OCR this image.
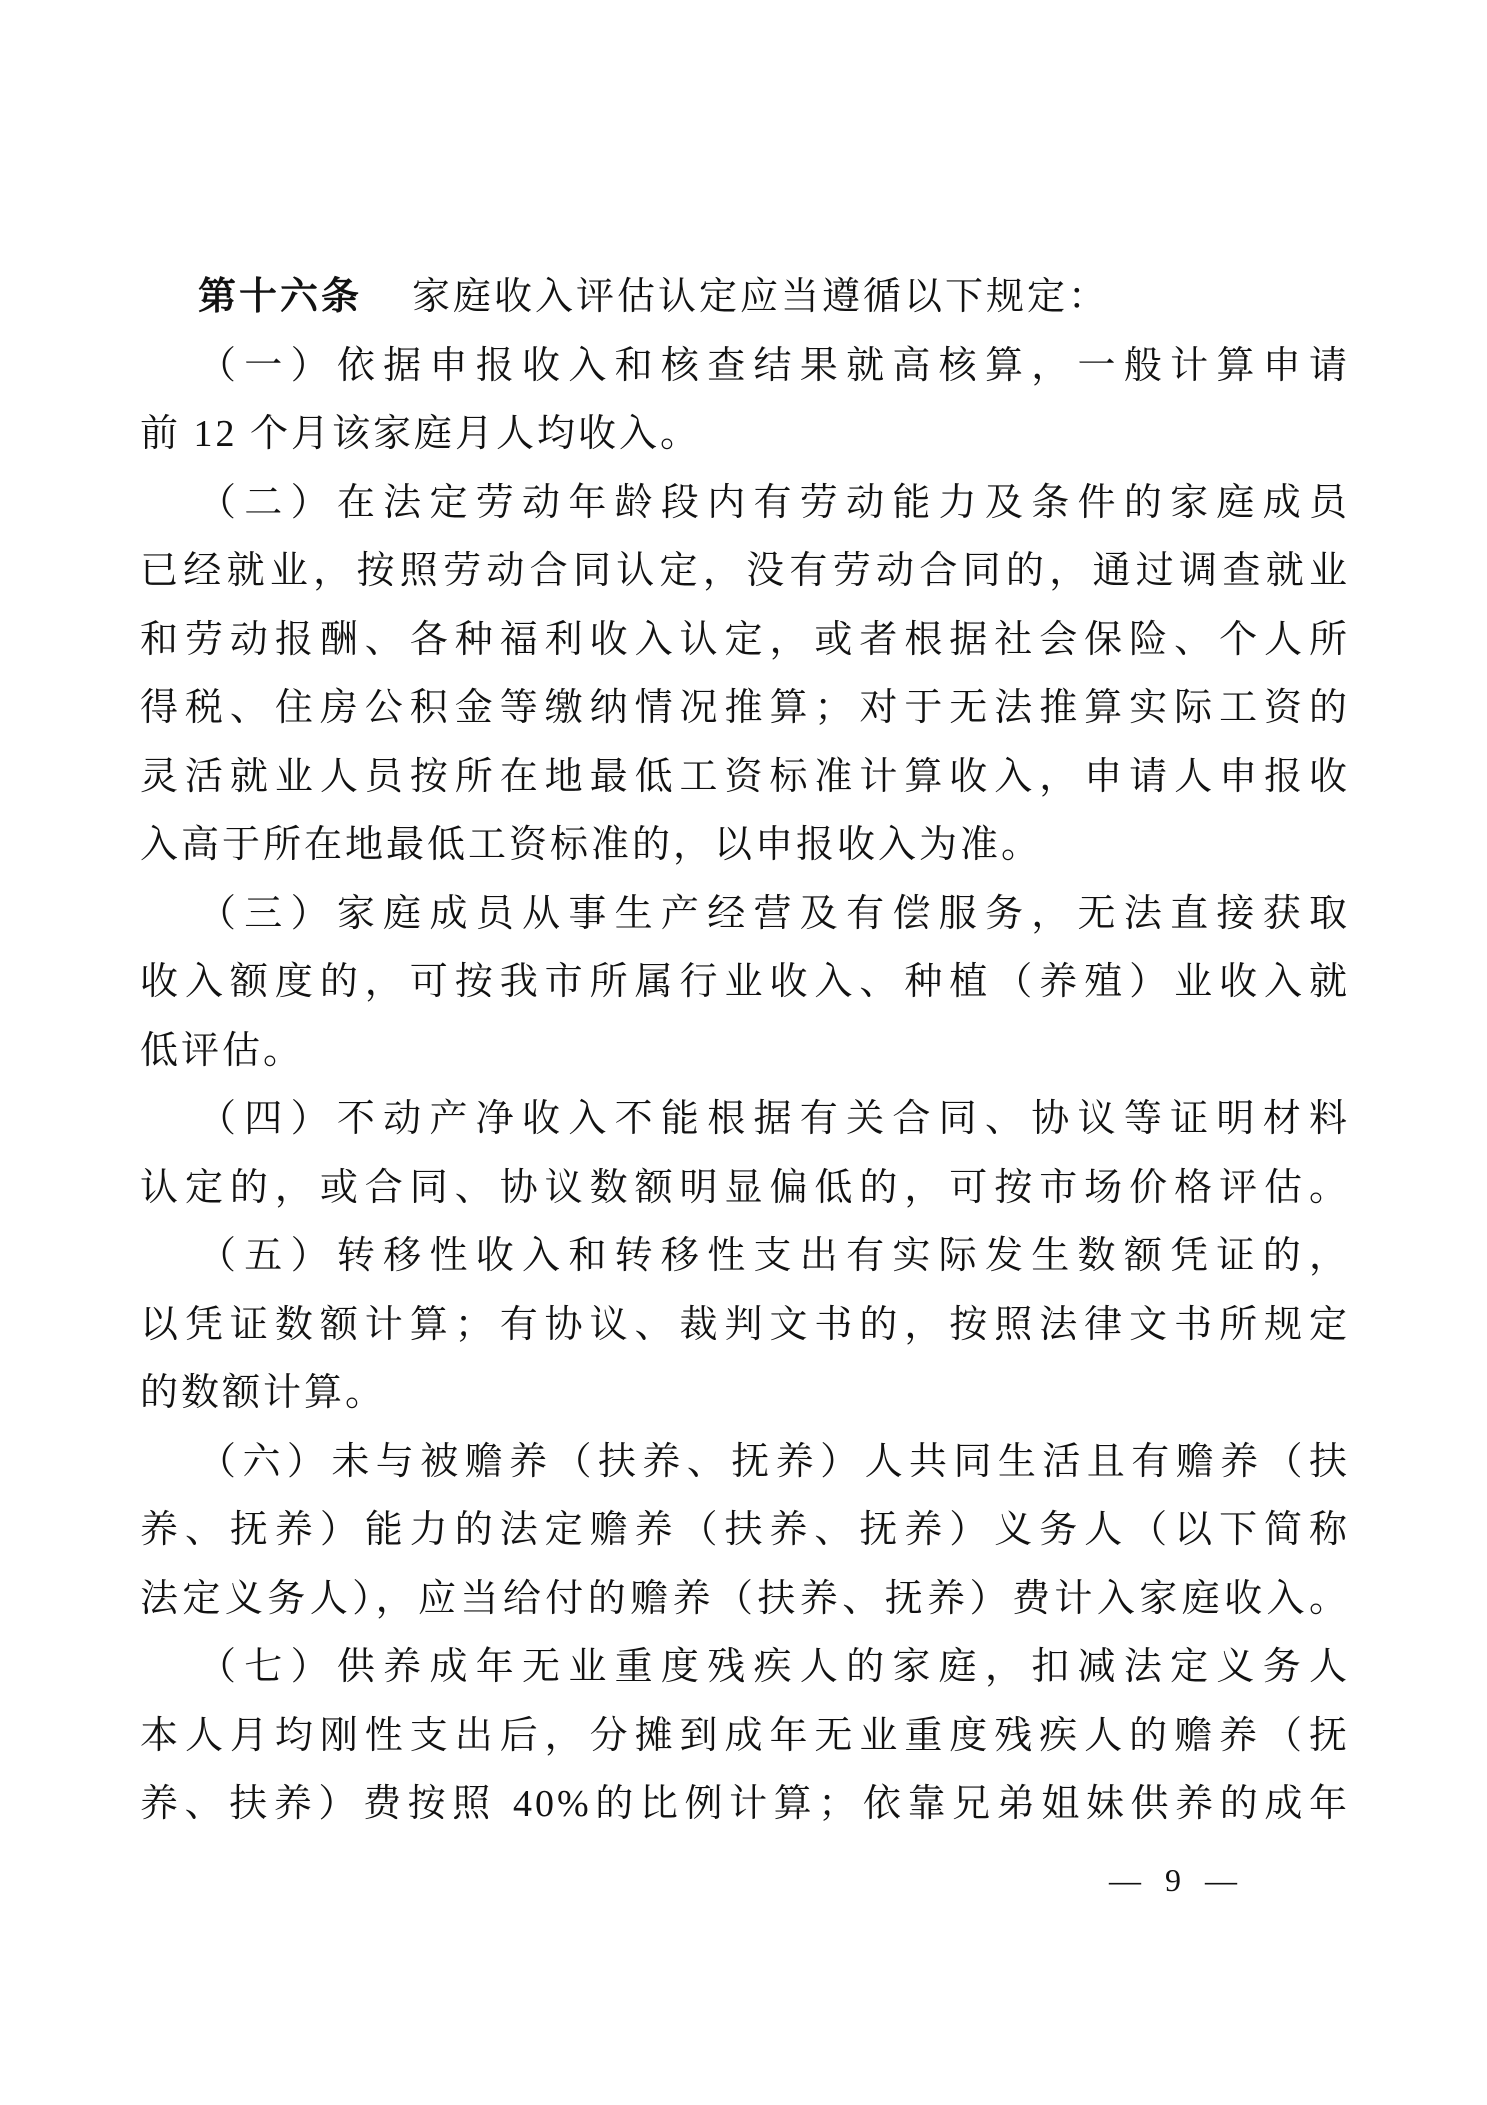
第十六条 家庭收入评估认定应当遵循以下规定：
（一）依据申报收入和核查结果就高核算，一般计算申请
前 12 个月该家庭月人均收入。
（二）在法定劳动年龄段内有劳动能力及条件的家庭成员
已经就业，按照劳动合同认定，没有劳动合同的，通过调查就业
和劳动报酬、各种福利收入认定，或者根据社会保险、个人所
得税、住房公积金等缴纳情况推算；对于无法推算实际工资的
灵活就业人员按所在地最低工资标准计算收入，申请人申报收
入高于所在地最低工资标准的，以申报收入为准。
（三）家庭成员从事生产经营及有偿服务，无法直接获取
收入额度的，可按我市所属行业收入、种植（养殖）业收入就
低评估。
（四）不动产净收入不能根据有关合同、协议等证明材料
认定的，或合同、协议数额明显偏低的，可按市场价格评估。
（五）转移性收入和转移性支出有实际发生数额凭证的，
以凭证数额计算；有协议、裁判文书的，按照法律文书所规定
的数额计算。
（六）未与被赡养（扶养、抚养）人共同生活且有赡养（扶
养、抚养）能力的法定赡养（扶养、抚养）义务人（以下简称
法定义务人），应当给付的赡养（扶养、抚养）费计入家庭收入。
（七）供养成年无业重度残疾人的家庭，扣减法定义务人
本人月均刚性支出后，分摊到成年无业重度残疾人的赡养（抚
养、扶养）费按照 40%的比例计算；依靠兄弟姐妹供养的成年
— 9 —
